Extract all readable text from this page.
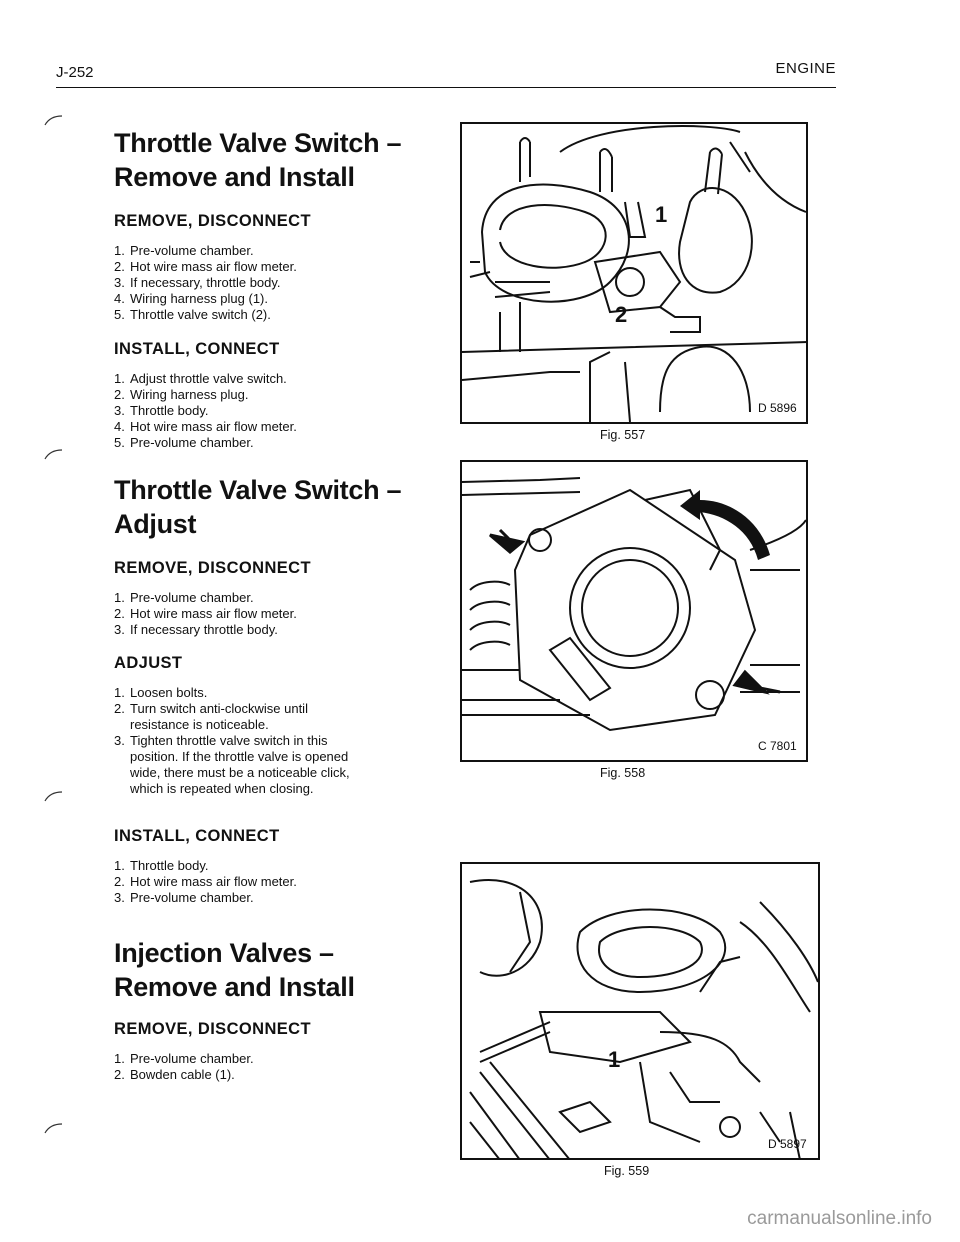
J-252	ENGINE
Throttle Valve Switch –
Remove and Install
REMOVE, DISCONNECT
1. Pre-volume chamber.
2. Hot wire mass air flow meter.
3. If necessary, throttle body.
4. Wiring harness plug (1).
5. Throttle valve switch (2).
INSTALL, CONNECT
1. Adjust throttle valve switch.
2. Wiring harness plug.
3. Throttle body.
4. Hot wire mass air flow meter.
5. Pre-volume chamber.
Throttle Valve Switch –
Adjust
REMOVE, DISCONNECT
1. Pre-volume chamber.
2. Hot wire mass air flow meter.
3. If necessary throttle body.
ADJUST
1. Loosen bolts.
2. Turn switch anti-clockwise until resistance is noticeable.
3. Tighten throttle valve switch in this position. If the throttle valve is opened wide, there must be a noticeable click, which is repeated when closing.
INSTALL, CONNECT
1. Throttle body.
2. Hot wire mass air flow meter.
3. Pre-volume chamber.
Injection Valves –
Remove and Install
REMOVE, DISCONNECT
1. Pre-volume chamber.
2. Bowden cable (1).
1
2
D 5896
Fig. 557
C 7801
Fig. 558
1
D 5897
Fig. 559
carmanualsonline.info
